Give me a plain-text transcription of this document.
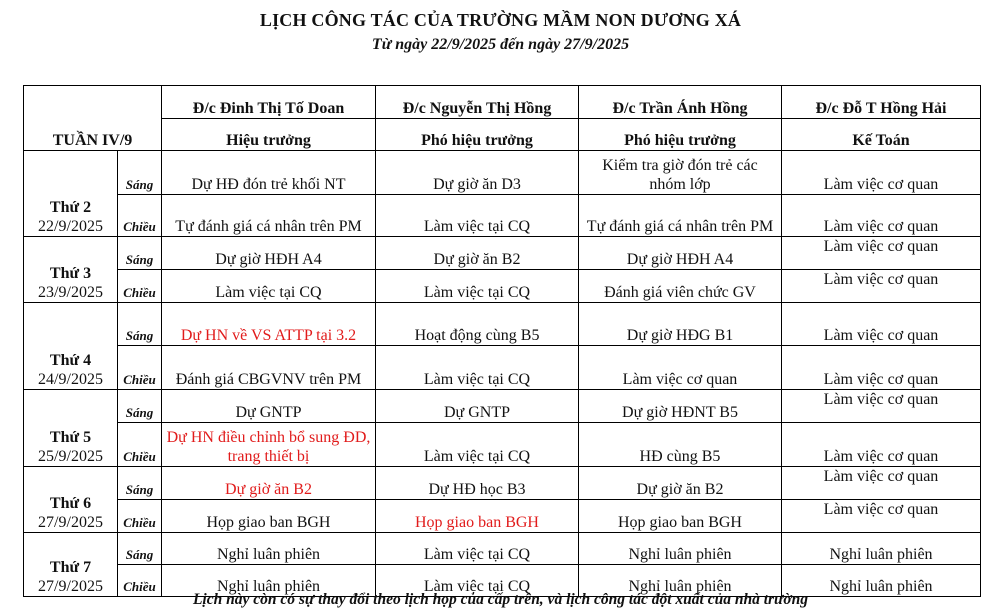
LỊCH CÔNG TÁC CỦA TRƯỜNG MẦM NON DƯƠNG XÁ
Từ ngày 22/9/2025 đến ngày 27/9/2025
TUẦN IV/9		Đ/c Đinh Thị Tố Doan	Đ/c Nguyễn Thị Hồng	Đ/c Trần Ánh Hồng	Đ/c Đỗ T Hồng Hải
		Hiệu trưởng	Phó hiệu trưởng	Phó hiệu trưởng	Kế Toán

Thứ 2
22/9/2025	Sáng	Dự HĐ đón trẻ khối NT	Dự giờ ăn D3	Kiểm tra giờ đón trẻ các nhóm lớp	Làm việc cơ quan
	Chiều	Tự đánh giá cá nhân trên PM	Làm việc tại CQ	Tự đánh giá cá nhân trên PM	Làm việc cơ quan

Thứ 3
23/9/2025	Sáng	Dự giờ HĐH A4	Dự giờ ăn B2	Dự giờ HĐH A4	Làm việc cơ quan
	Chiều	Làm việc tại CQ	Làm việc tại CQ	Đánh giá viên chức GV	Làm việc cơ quan

Thứ 4
24/9/2025	Sáng	Dự HN về VS ATTP tại 3.2	Hoạt động cùng B5	Dự giờ HĐG B1	Làm việc cơ quan
	Chiều	Đánh giá CBGVNV trên PM	Làm việc tại CQ	Làm việc cơ quan	Làm việc cơ quan

Thứ 5
25/9/2025	Sáng	Dự GNTP	Dự GNTP	Dự giờ HĐNT B5	Làm việc cơ quan
	Chiều	Dự HN điều chỉnh bổ sung ĐD, trang thiết bị	Làm việc tại CQ	HĐ cùng B5	Làm việc cơ quan

Thứ 6
27/9/2025	Sáng	Dự giờ ăn B2	Dự HĐ học B3	Dự giờ ăn B2	Làm việc cơ quan
	Chiều	Họp giao ban BGH	Họp giao ban BGH	Họp giao ban BGH	Làm việc cơ quan

Thứ 7
27/9/2025	Sáng	Nghỉ luân phiên	Làm việc tại CQ	Nghỉ luân phiên	Nghỉ luân phiên
	Chiều	Nghỉ luân phiên	Làm việc tại CQ	Nghỉ luân phiên	Nghỉ luân phiên
Lịch này còn có sự thay đổi theo lịch họp của cấp trên, và lịch công tác đột xuất của nhà trường
